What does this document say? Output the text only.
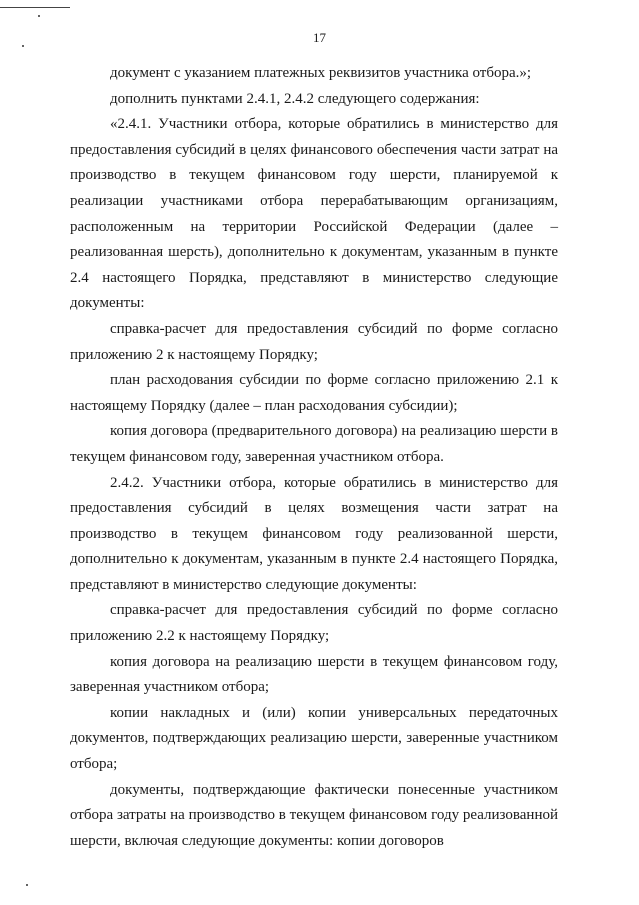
17

документ с указанием платежных реквизитов участника отбора.»;

дополнить пунктами 2.4.1, 2.4.2 следующего содержания:

«2.4.1. Участники отбора, которые обратились в министерство для предоставления субсидий в целях финансового обеспечения части затрат на производство в текущем финансовом году шерсти, планируемой к реализации участниками отбора перерабатывающим организациям, расположенным на территории Российской Федерации (далее – реализованная шерсть), дополнительно к документам, указанным в пункте 2.4 настоящего Порядка, представляют в министерство следующие документы:

справка-расчет для предоставления субсидий по форме согласно приложению 2 к настоящему Порядку;

план расходования субсидии по форме согласно приложению 2.1 к настоящему Порядку (далее – план расходования субсидии);

копия договора (предварительного договора) на реализацию шерсти в текущем финансовом году, заверенная участником отбора.

2.4.2. Участники отбора, которые обратились в министерство для предоставления субсидий в целях возмещения части затрат на производство в текущем финансовом году реализованной шерсти, дополнительно к документам, указанным в пункте 2.4 настоящего Порядка, представляют в министерство следующие документы:

справка-расчет для предоставления субсидий по форме согласно приложению 2.2 к настоящему Порядку;

копия договора на реализацию шерсти в текущем финансовом году, заверенная участником отбора;

копии накладных и (или) копии универсальных передаточных документов, подтверждающих реализацию шерсти, заверенные участником отбора;

документы, подтверждающие фактически понесенные участником отбора затраты на производство в текущем финансовом году реализованной шерсти, включая следующие документы: копии договоров
